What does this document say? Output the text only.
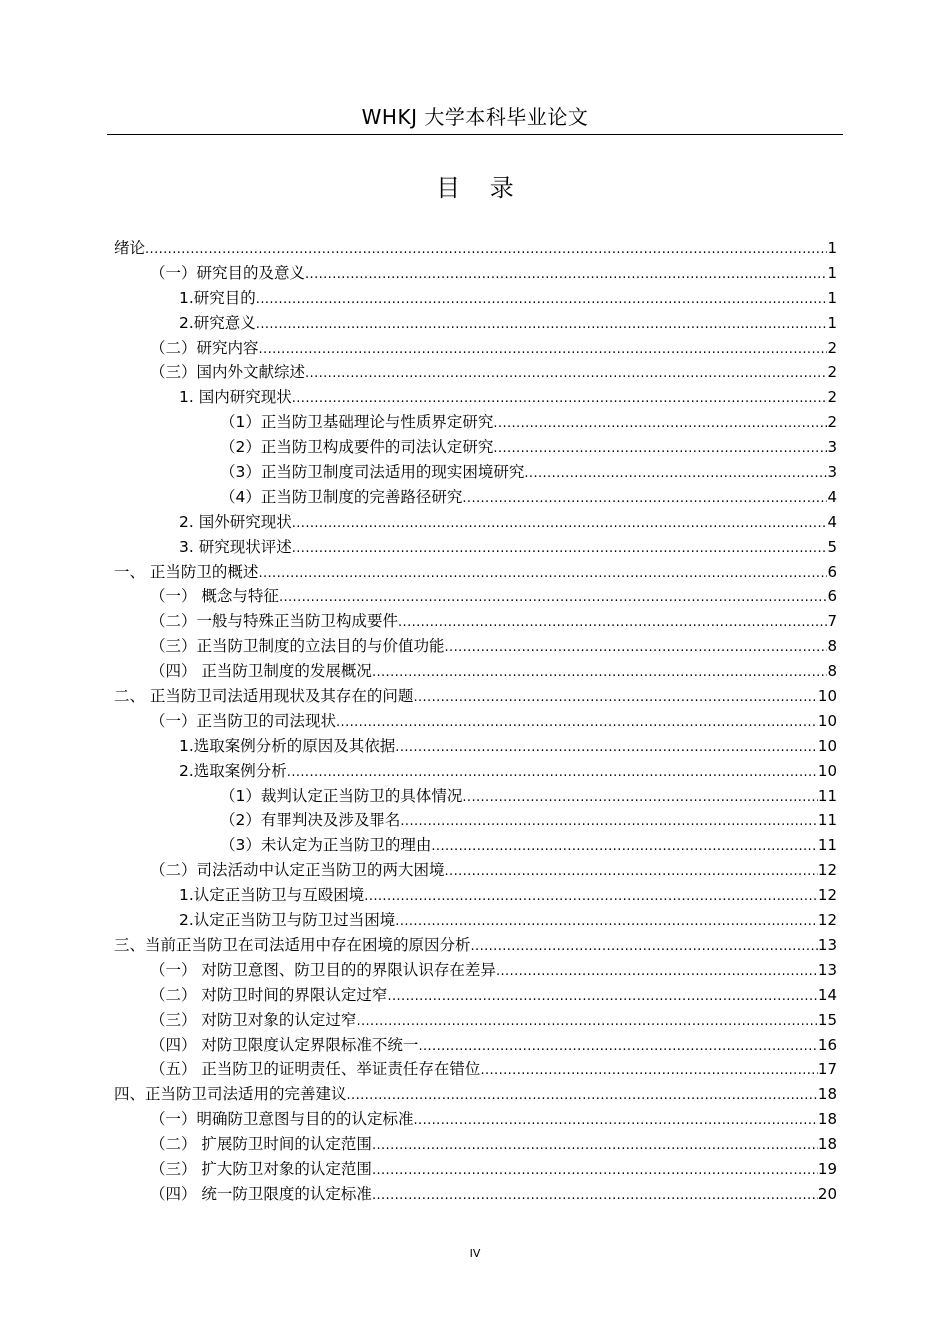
WHKJ 大学本科毕业论文
目 录
绪论 .....	1
（一）研究目的及意义 .....	1
1.研究目的 .....	1
2.研究意义 .....	1
（二）研究内容 .....	2
（三）国内外文献综述 .....	2
1. 国内研究现状 .....	2
（1）正当防卫基础理论与性质界定研究 .....	2
（2）正当防卫构成要件的司法认定研究 .....	3
（3）正当防卫制度司法适用的现实困境研究 .....	3
（4）正当防卫制度的完善路径研究 .....	4
2. 国外研究现状 .....	4
3. 研究现状评述 .....	5
一、 正当防卫的概述 .....	6
（一） 概念与特征 .....	6
（二）一般与特殊正当防卫构成要件 .....	7
（三）正当防卫制度的立法目的与价值功能 .....	8
（四） 正当防卫制度的发展概况 .....	8
二、 正当防卫司法适用现状及其存在的问题 .....	10
（一）正当防卫的司法现状 .....	10
1.选取案例分析的原因及其依据 .....	10
2.选取案例分析 .....	10
（1）裁判认定正当防卫的具体情况 .....	11
（2）有罪判决及涉及罪名 .....	11
（3）未认定为正当防卫的理由 .....	11
（二）司法活动中认定正当防卫的两大困境 .....	12
1.认定正当防卫与互殴困境 .....	12
2.认定正当防卫与防卫过当困境 .....	12
三、当前正当防卫在司法适用中存在困境的原因分析 .....	13
（一） 对防卫意图、防卫目的的界限认识存在差异 .....	13
（二） 对防卫时间的界限认定过窄 .....	14
（三） 对防卫对象的认定过窄 .....	15
（四） 对防卫限度认定界限标准不统一 .....	16
（五） 正当防卫的证明责任、举证责任存在错位 .....	17
四、正当防卫司法适用的完善建议 .....	18
（一）明确防卫意图与目的的认定标准 .....	18
（二） 扩展防卫时间的认定范围 .....	18
（三） 扩大防卫对象的认定范围 .....	19
（四） 统一防卫限度的认定标准 .....	20
IV
